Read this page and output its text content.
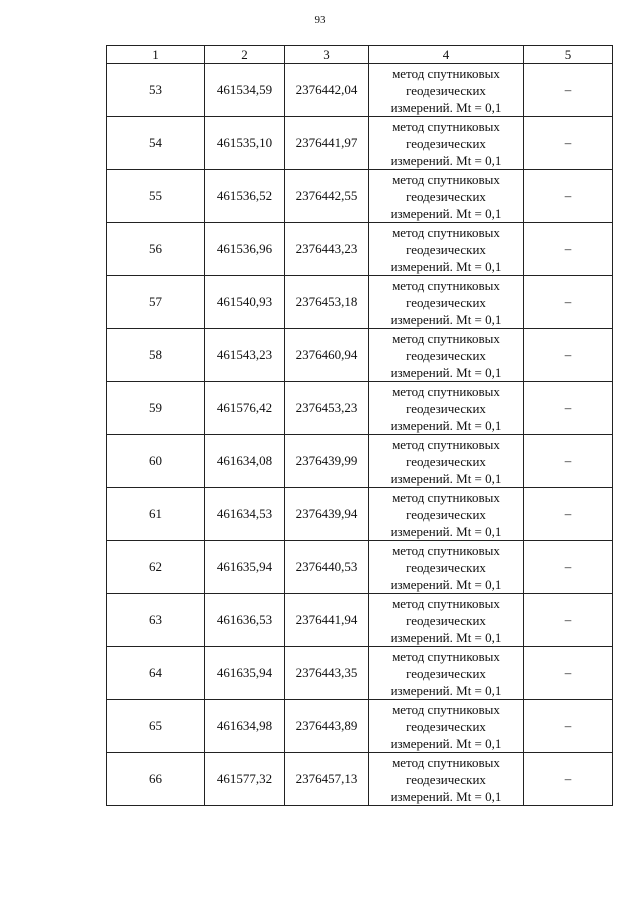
93
1	2	3	4	5
53	461534,59	2376442,04	метод спутниковых
геодезических
измерений. Mt = 0,1	–
54	461535,10	2376441,97	метод спутниковых
геодезических
измерений. Mt = 0,1	–
55	461536,52	2376442,55	метод спутниковых
геодезических
измерений. Mt = 0,1	–
56	461536,96	2376443,23	метод спутниковых
геодезических
измерений. Mt = 0,1	–
57	461540,93	2376453,18	метод спутниковых
геодезических
измерений. Mt = 0,1	–
58	461543,23	2376460,94	метод спутниковых
геодезических
измерений. Mt = 0,1	–
59	461576,42	2376453,23	метод спутниковых
геодезических
измерений. Mt = 0,1	–
60	461634,08	2376439,99	метод спутниковых
геодезических
измерений. Mt = 0,1	–
61	461634,53	2376439,94	метод спутниковых
геодезических
измерений. Mt = 0,1	–
62	461635,94	2376440,53	метод спутниковых
геодезических
измерений. Mt = 0,1	–
63	461636,53	2376441,94	метод спутниковых
геодезических
измерений. Mt = 0,1	–
64	461635,94	2376443,35	метод спутниковых
геодезических
измерений. Mt = 0,1	–
65	461634,98	2376443,89	метод спутниковых
геодезических
измерений. Mt = 0,1	–
66	461577,32	2376457,13	метод спутниковых
геодезических
измерений. Mt = 0,1	–
